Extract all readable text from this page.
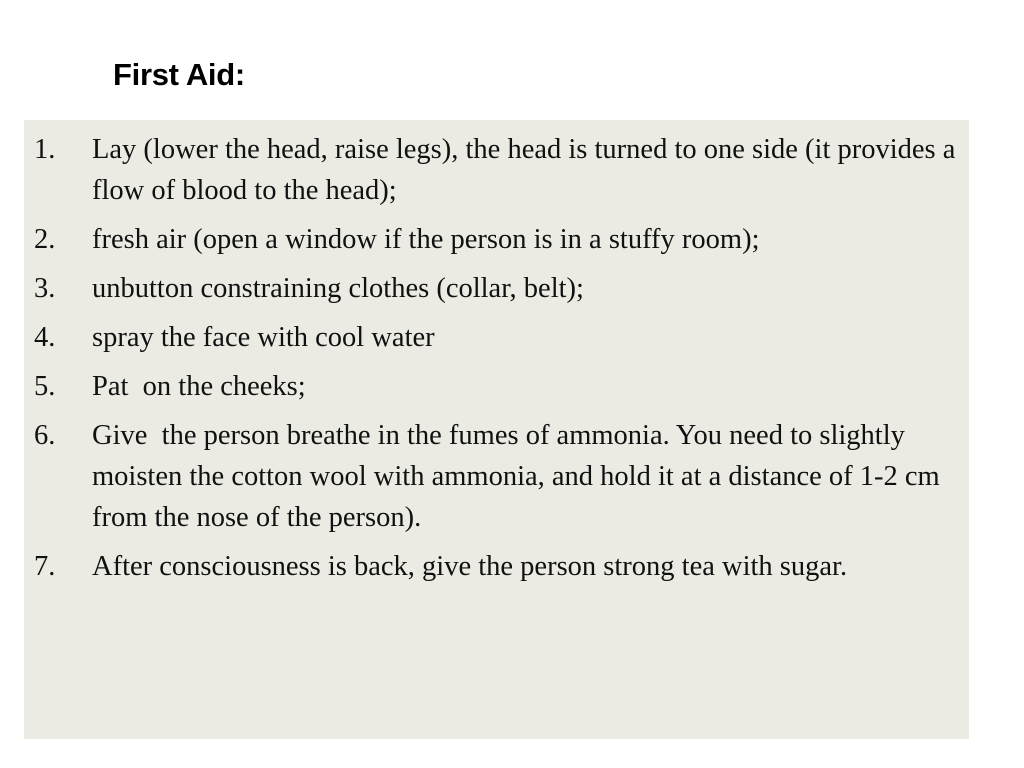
First Aid:
1.	Lay (lower the head, raise legs), the head is turned to one side (it provides a flow of blood to the head);
2.	fresh air (open a window if the person is in a stuffy room);
3.	unbutton constraining clothes (collar, belt);
4.	spray the face with cool water
5.	Pat  on the cheeks;
6.	Give  the person breathe in the fumes of ammonia. You need to slightly moisten the cotton wool with ammonia, and hold it at a distance of 1-2 cm from the nose of the person).
7.	After consciousness is back, give the person strong tea with sugar.
